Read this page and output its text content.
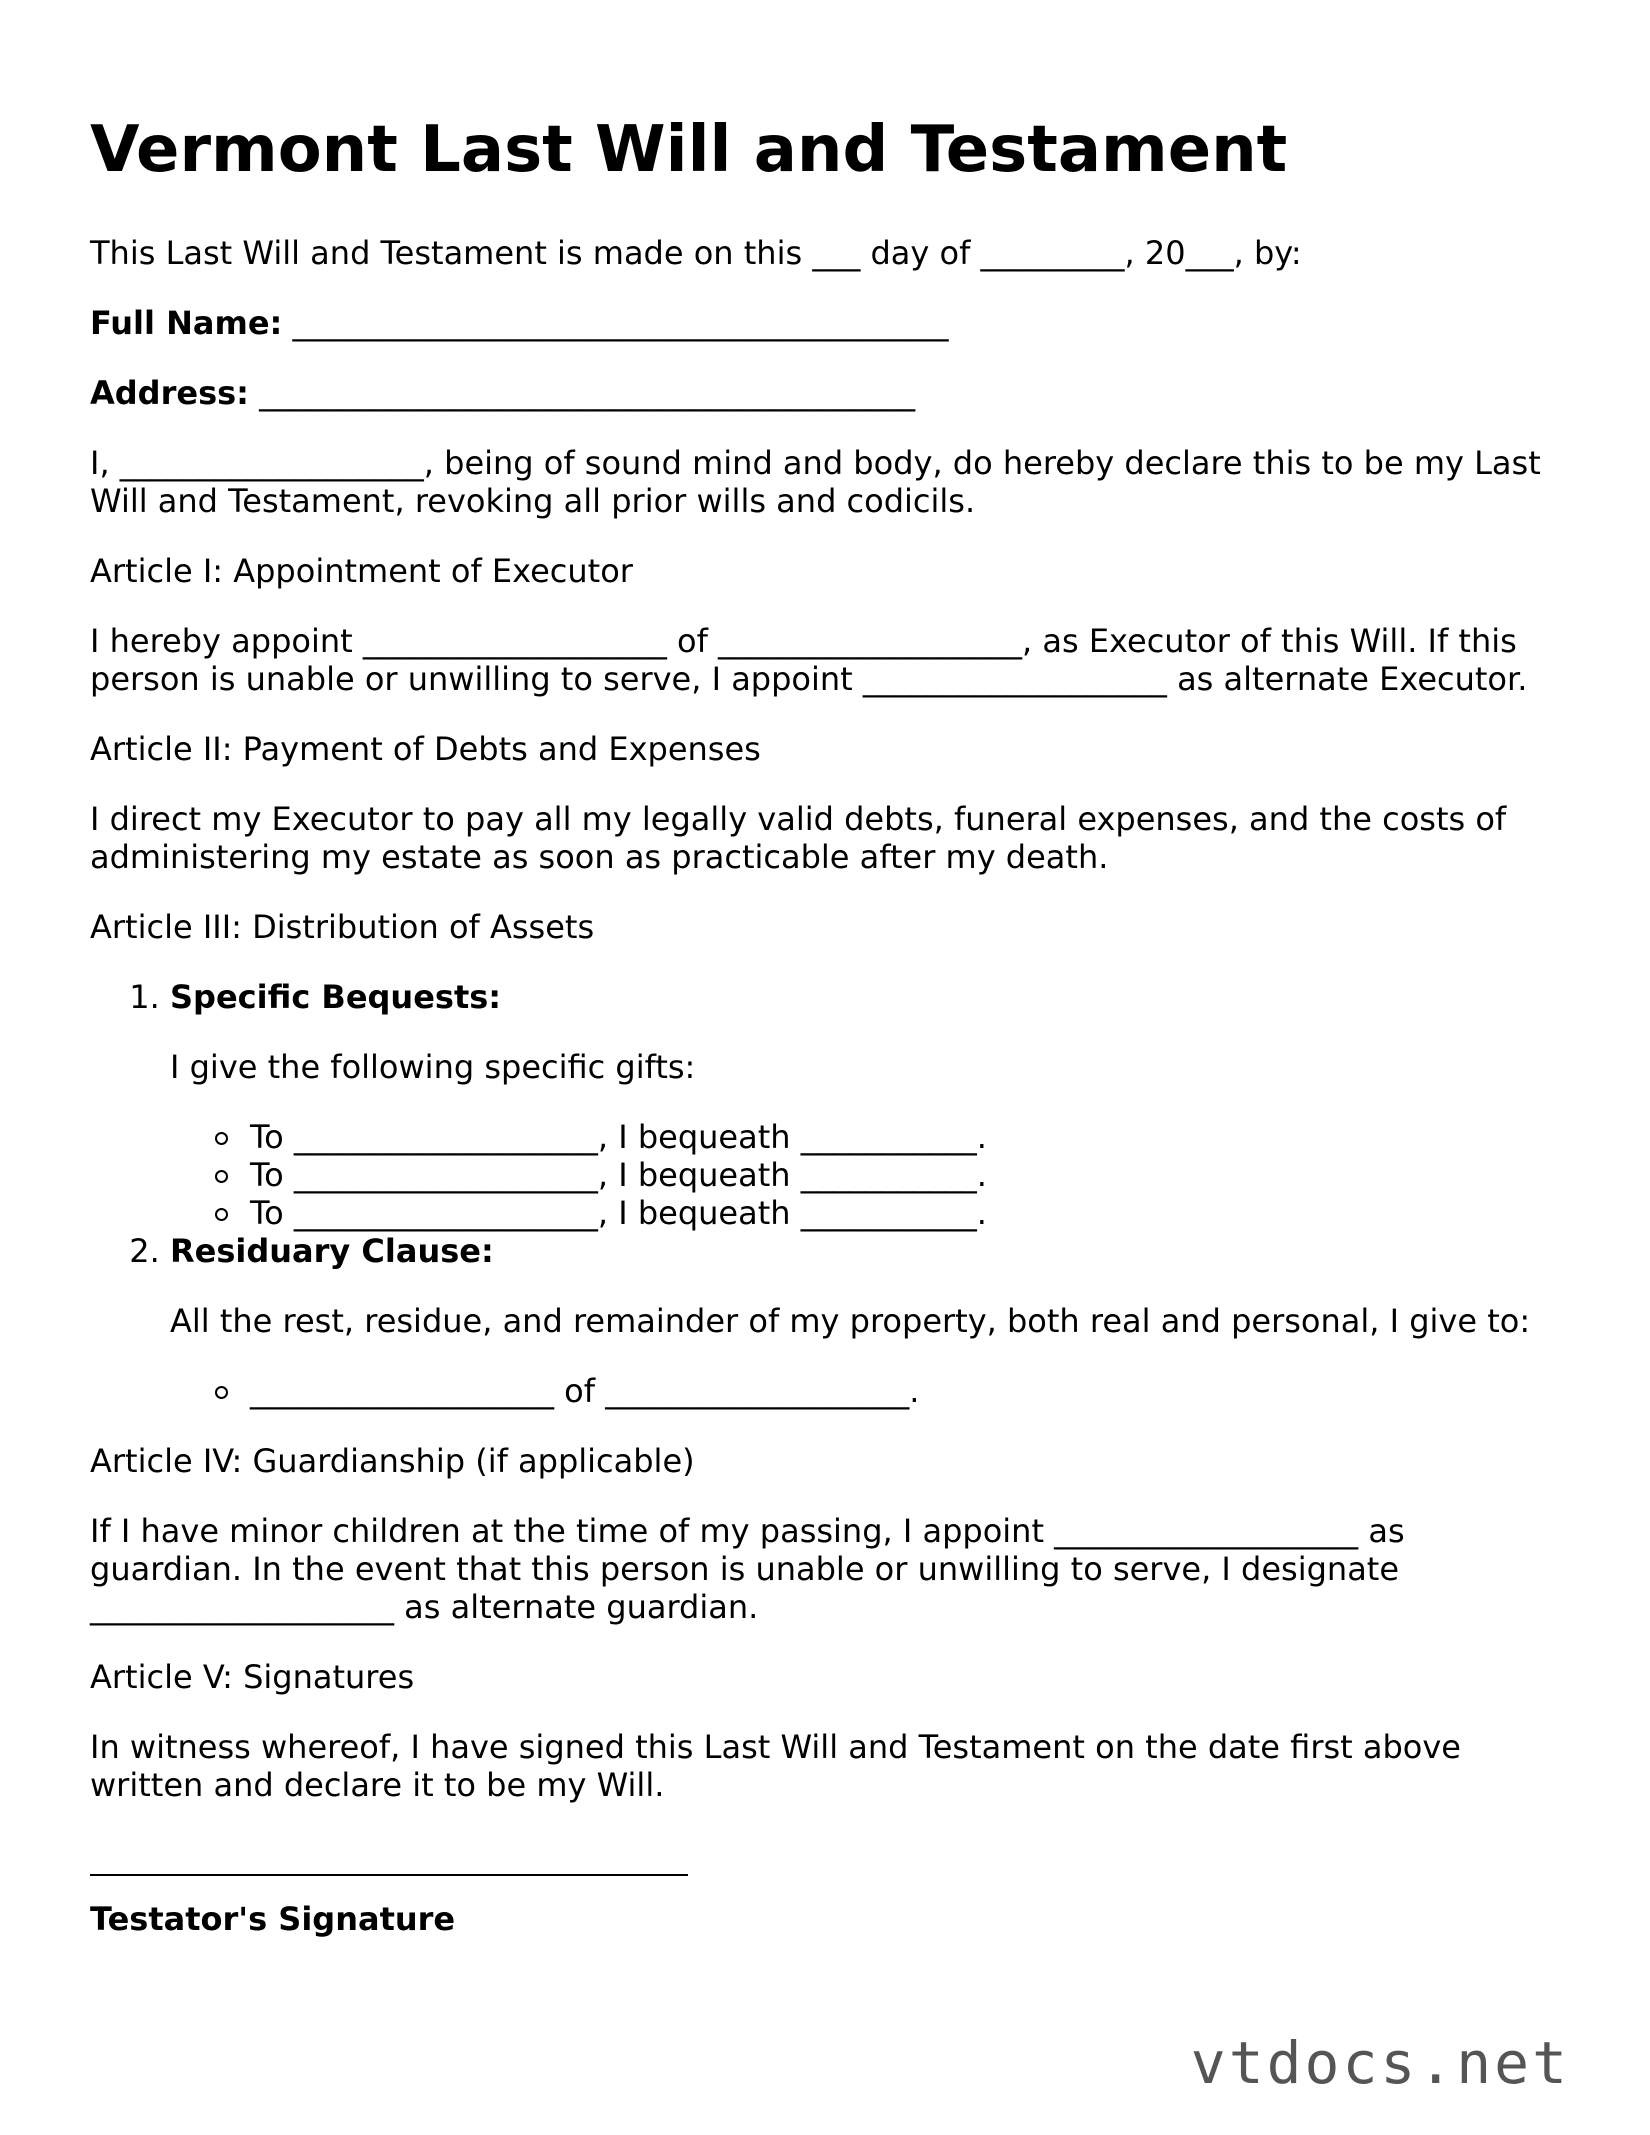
Vermont Last Will and Testament

This Last Will and Testament is made on this ___ day of _________, 20___, by:

Full Name: _________________________________________

Address: _________________________________________

I, ___________________, being of sound mind and body, do hereby declare this to be my Last Will and Testament, revoking all prior wills and codicils.

Article I: Appointment of Executor

I hereby appoint ___________________ of ___________________, as Executor of this Will. If this person is unable or unwilling to serve, I appoint ___________________ as alternate Executor.

Article II: Payment of Debts and Expenses

I direct my Executor to pay all my legally valid debts, funeral expenses, and the costs of administering my estate as soon as practicable after my death.

Article III: Distribution of Assets

1. Specific Bequests:

I give the following specific gifts:

To ___________________, I bequeath ___________.
To ___________________, I bequeath ___________.
To ___________________, I bequeath ___________.
2. Residuary Clause:

All the rest, residue, and remainder of my property, both real and personal, I give to:

___________________ of ___________________.

Article IV: Guardianship (if applicable)

If I have minor children at the time of my passing, I appoint ___________________ as guardian. In the event that this person is unable or unwilling to serve, I designate ___________________ as alternate guardian.

Article V: Signatures

In witness whereof, I have signed this Last Will and Testament on the date first above written and declare it to be my Will.

Testator's Signature

vtdocs.net
